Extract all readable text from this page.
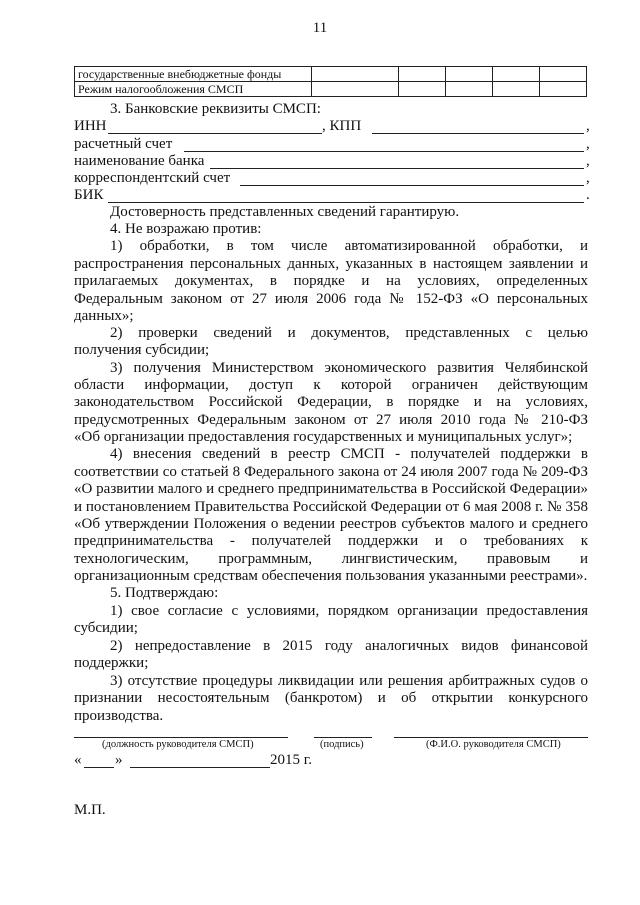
11
государственные внебюджетные фонды					
Режим налогообложения СМСП					
3. Банковские реквизиты СМСП:
ИНН	, КПП	,
расчетный счет	,
наименование банка	,
корреспондентский счет	,
БИК	.
Достоверность представленных сведений гарантирую.
4. Не возражаю против:
1) обработки, в том числе автоматизированной обработки, и
распространения персональных данных, указанных в настоящем заявлении и
прилагаемых документах, в порядке и на условиях, определенных
Федеральным законом от 27 июля 2006 года № 152-ФЗ «О персональных
данных»;
2) проверки сведений и документов, представленных с целью
получения субсидии;
3) получения Министерством экономического развития Челябинской
области информации, доступ к которой ограничен действующим
законодательством Российской Федерации, в порядке и на условиях,
предусмотренных Федеральным законом от 27 июля 2010 года № 210-ФЗ
«Об организации предоставления государственных и муниципальных услуг»;
4) внесения сведений в реестр СМСП - получателей поддержки в
соответствии со статьей 8 Федерального закона от 24 июля 2007 года № 209-ФЗ
«О развитии малого и среднего предпринимательства в Российской Федерации»
и постановлением Правительства Российской Федерации от 6 мая 2008 г. № 358
«Об утверждении Положения о ведении реестров субъектов малого и среднего
предпринимательства - получателей поддержки и о требованиях к
технологическим, программным, лингвистическим, правовым и
организационным средствам обеспечения пользования указанными реестрами».
5. Подтверждаю:
1) свое согласие с условиями, порядком организации предоставления
субсидии;
2) непредоставление в 2015 году аналогичных видов финансовой
поддержки;
3) отсутствие процедуры ликвидации или решения арбитражных судов о
признании несостоятельным (банкротом) и об открытии конкурсного
производства.
(должность руководителя СМСП)	(подпись)	(Ф.И.О. руководителя СМСП)
« »	2015 г.
М.П.
